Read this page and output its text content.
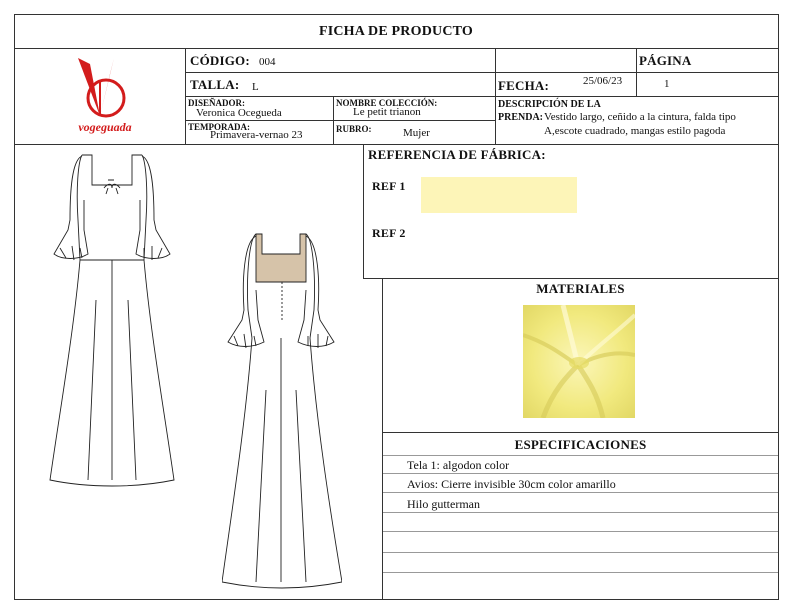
FICHA DE PRODUCTO
vogeguada
CÓDIGO: 004	PÁGINA
TALLA: L	FECHA:	25/06/23	1
DISEÑADOR:
Veronica Ocegueda
NOMBRE COLECCIÓN:
Le petit trianon
TEMPORADA:
Primavera-vernao 23	RUBRO:	Mujer
DESCRIPCIÓN DE LA
PRENDA: Vestido largo, ceñido a la cintura, falda tipo
A,escote cuadrado, mangas estilo pagoda
REFERENCIA DE FÁBRICA:
REF 1
REF 2
MATERIALES
ESPECIFICACIONES
Tela 1: algodon color
Avios: Cierre invisible 30cm color amarillo
Hilo gutterman
